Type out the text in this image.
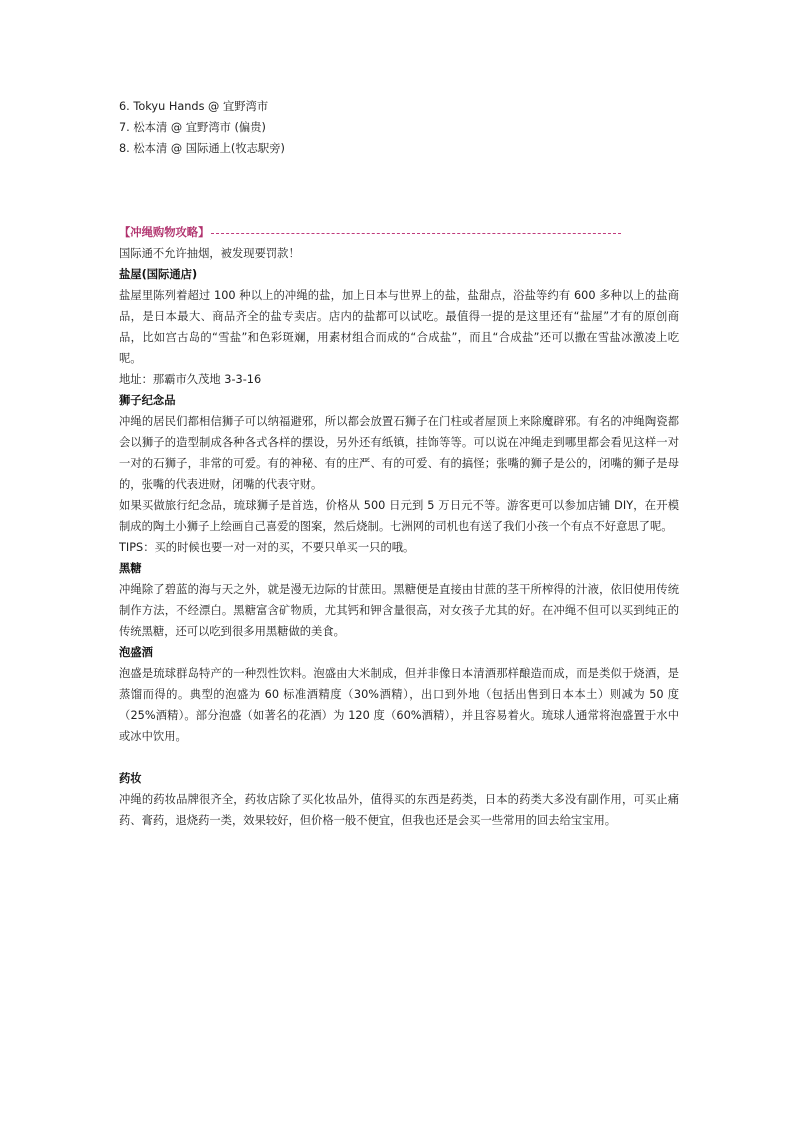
6. Tokyu Hands @ 宜野湾市
7. 松本清 @ 宜野湾市 (偏贵)
8. 松本清 @ 国际通上(牧志駅旁)
【冲绳购物攻略】
国际通不允许抽烟，被发现要罚款！
盐屋(国际通店)
盐屋里陈列着超过 100 种以上的冲绳的盐，加上日本与世界上的盐，盐甜点，浴盐等约有 600 多种以上的盐商品，是日本最大、商品齐全的盐专卖店。店内的盐都可以试吃。最值得一提的是这里还有“盐屋”才有的原创商品，比如宫古岛的“雪盐”和色彩斑斓，用素材组合而成的“合成盐”，而且“合成盐”还可以撒在雪盐冰激凌上吃呢。
地址：那霸市久茂地 3-3-16
狮子纪念品
冲绳的居民们都相信狮子可以纳福避邪，所以都会放置石狮子在门柱或者屋顶上来除魔辟邪。有名的冲绳陶瓷都会以狮子的造型制成各种各式各样的摆设，另外还有纸镇，挂饰等等。可以说在冲绳走到哪里都会看见这样一对一对的石狮子，非常的可爱。有的神秘、有的庄严、有的可爱、有的搞怪；张嘴的狮子是公的，闭嘴的狮子是母的，张嘴的代表进财，闭嘴的代表守财。
如果买做旅行纪念品，琉球狮子是首选，价格从 500 日元到 5 万日元不等。游客更可以参加店铺 DIY，在开模制成的陶土小狮子上绘画自己喜爱的图案，然后烧制。七洲网的司机也有送了我们小孩一个有点不好意思了呢。
TIPS：买的时候也要一对一对的买，不要只单买一只的哦。
黑糖
冲绳除了碧蓝的海与天之外，就是漫无边际的甘蔗田。黑糖便是直接由甘蔗的茎干所榨得的汁液，依旧使用传统制作方法，不经漂白。黑糖富含矿物质，尤其钙和钾含量很高，对女孩子尤其的好。在冲绳不但可以买到纯正的传统黑糖，还可以吃到很多用黑糖做的美食。
泡盛酒
泡盛是琉球群岛特产的一种烈性饮料。泡盛由大米制成，但并非像日本清酒那样酿造而成，而是类似于烧酒，是蒸馏而得的。典型的泡盛为 60 标准酒精度（30%酒精），出口到外地（包括出售到日本本土）则减为 50 度（25%酒精）。部分泡盛（如著名的花酒）为 120 度（60%酒精），并且容易着火。琉球人通常将泡盛置于水中或冰中饮用。
药妆
冲绳的药妆品牌很齐全，药妆店除了买化妆品外，值得买的东西是药类，日本的药类大多没有副作用，可买止痛药、膏药，退烧药一类，效果较好，但价格一般不便宜，但我也还是会买一些常用的回去给宝宝用。
